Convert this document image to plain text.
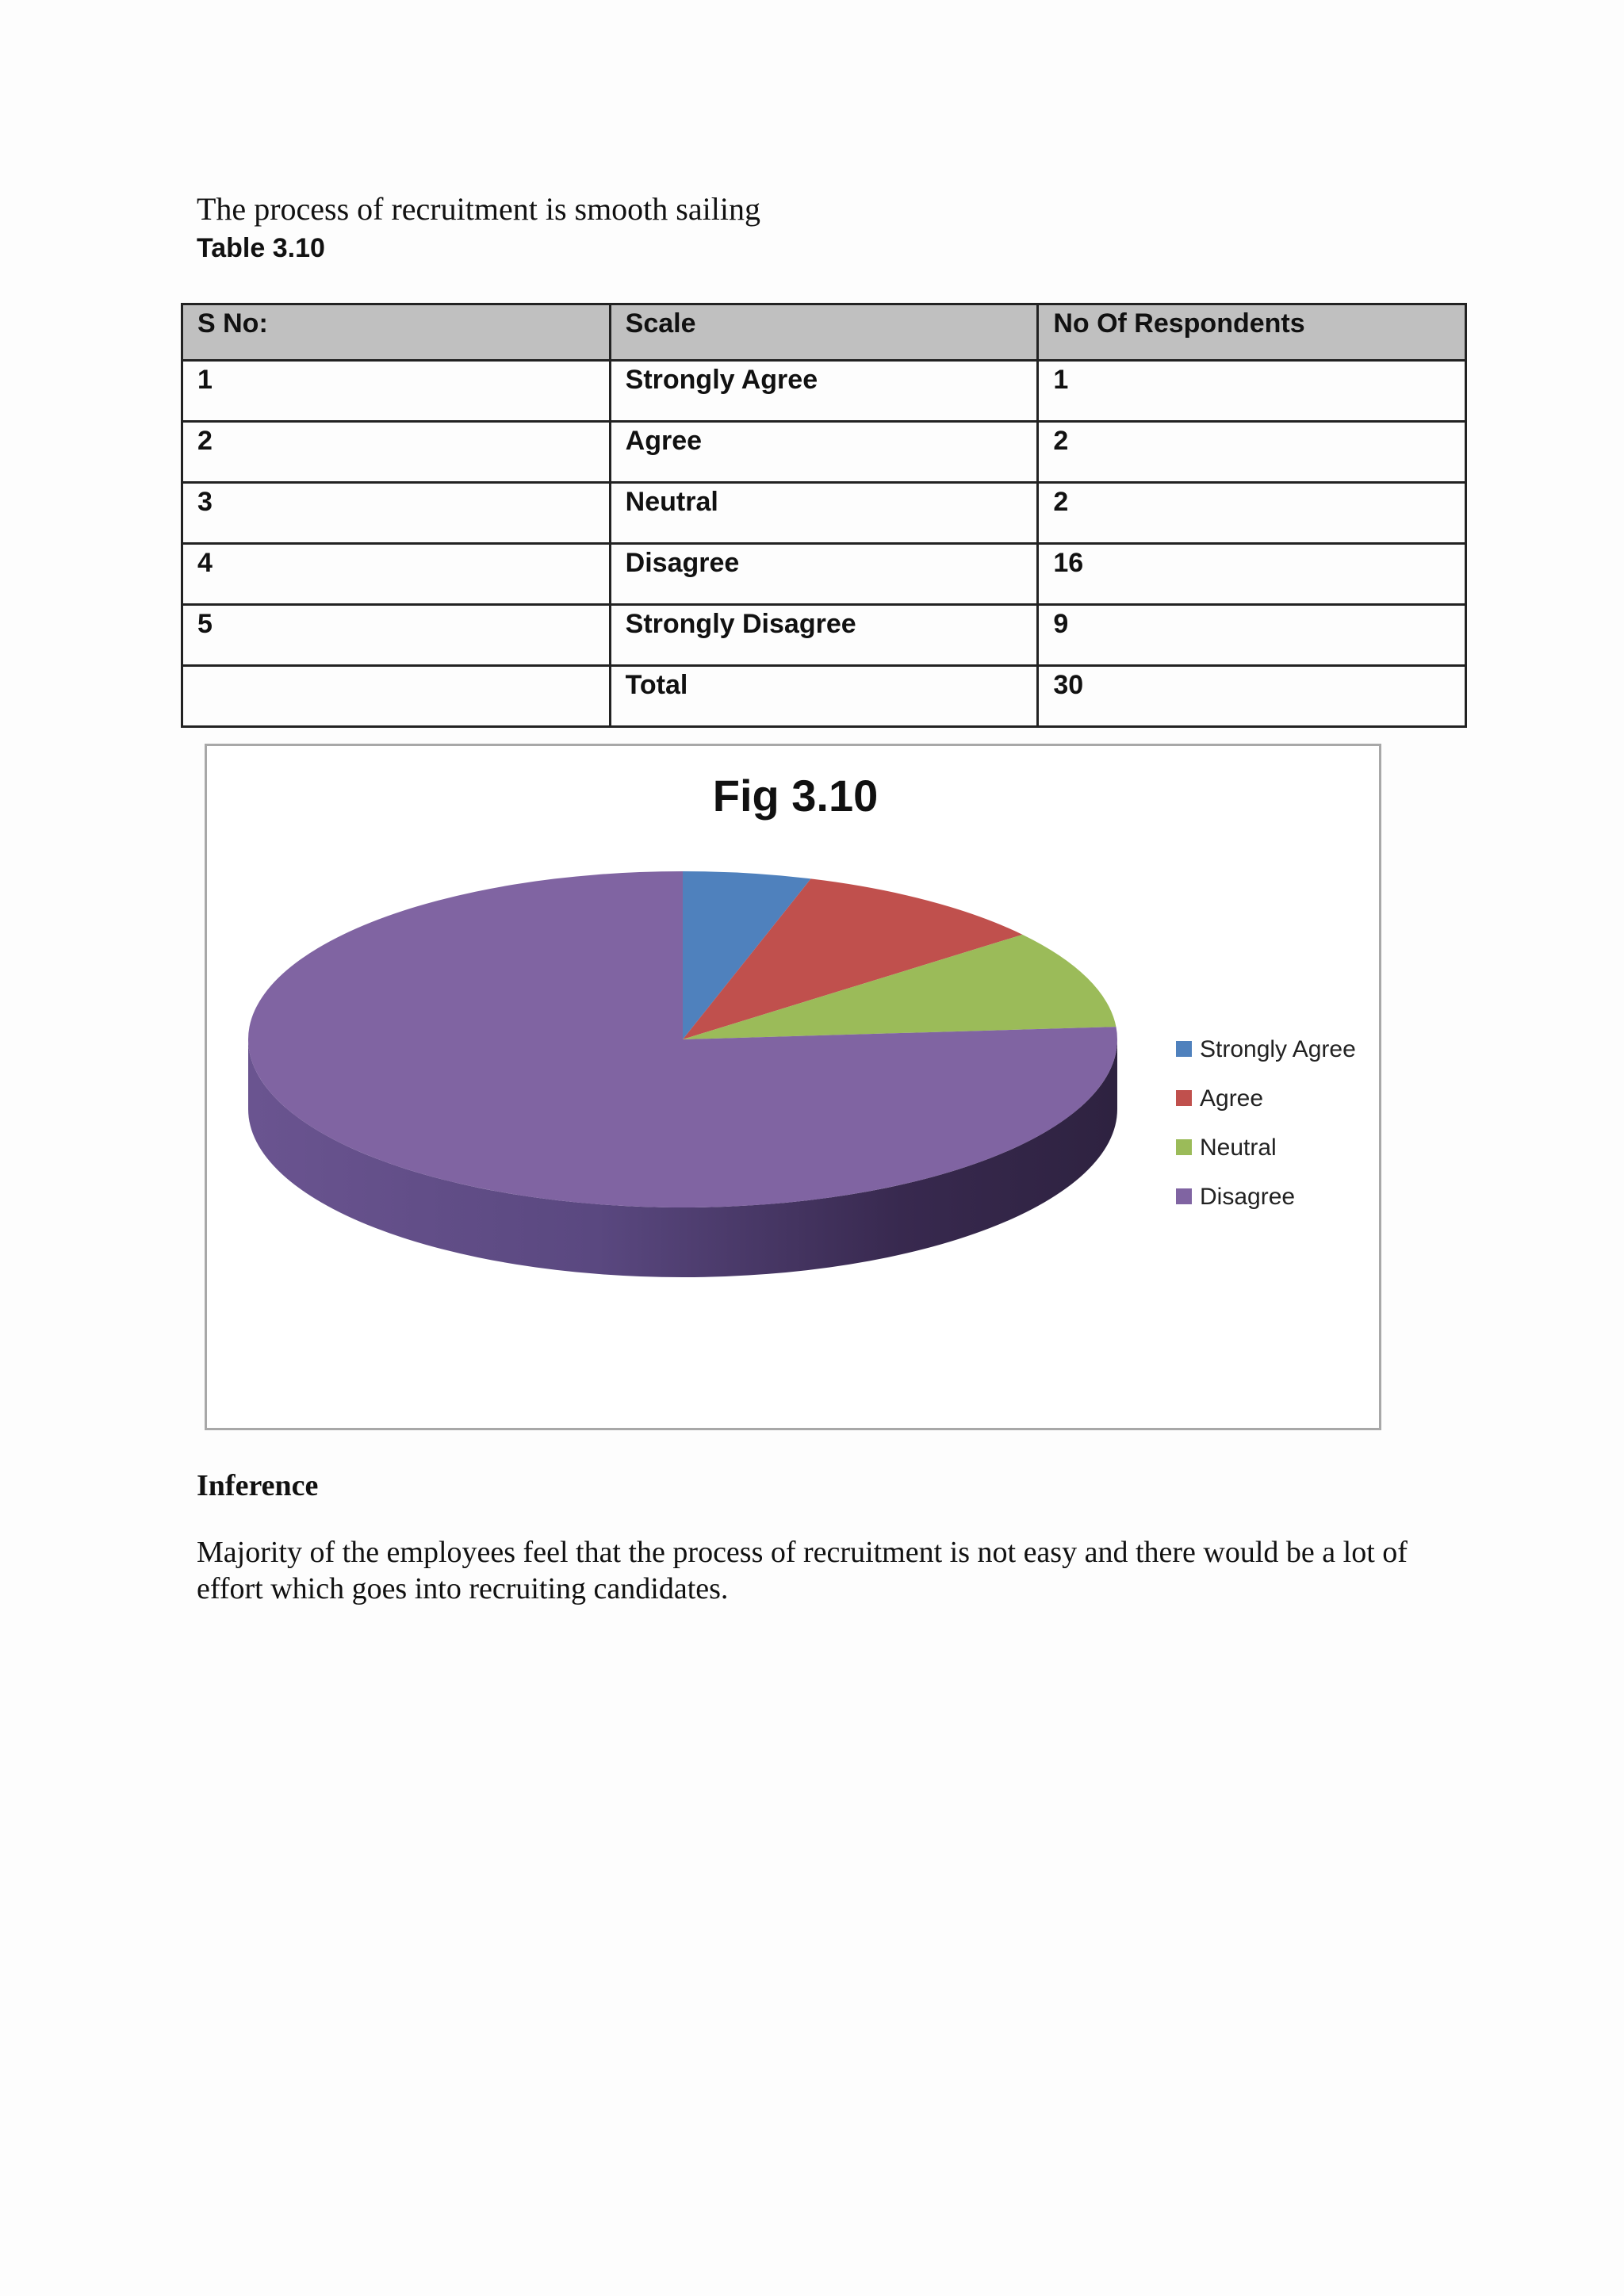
The process of recruitment is smooth sailing
Table 3.10
S No:	Scale	No Of Respondents
1	Strongly Agree	1
2	Agree	2
3	Neutral	2
4	Disagree	16
5	Strongly Disagree	9
	Total	30
Fig 3.10
Strongly Agree
Agree
Neutral
Disagree
Inference
Majority of the employees feel that the process of recruitment is not easy and there would be a lot of effort which goes into recruiting candidates.
